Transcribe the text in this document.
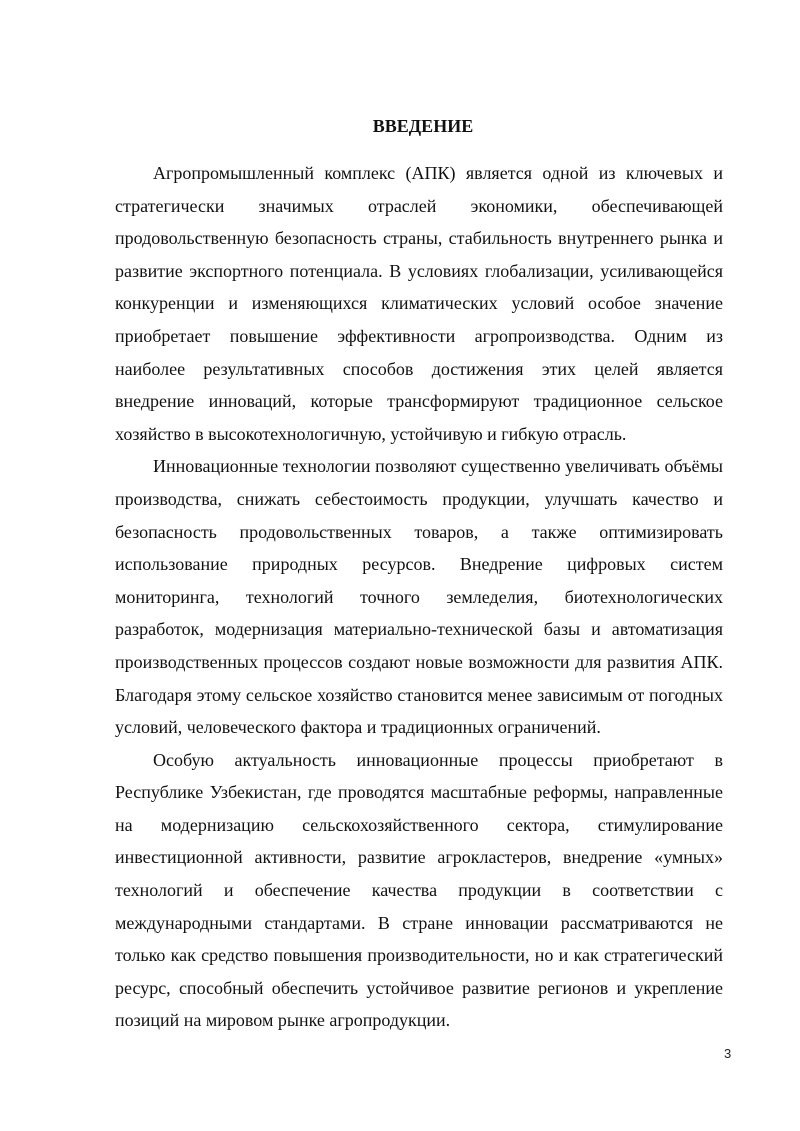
ВВЕДЕНИЕ

Агропромышленный комплекс (АПК) является одной из ключевых и стратегически значимых отраслей экономики, обеспечивающей продовольственную безопасность страны, стабильность внутреннего рынка и развитие экспортного потенциала. В условиях глобализации, усиливающейся конкуренции и изменяющихся климатических условий особое значение приобретает повышение эффективности агропроизводства. Одним из наиболее результативных способов достижения этих целей является внедрение инноваций, которые трансформируют традиционное сельское хозяйство в высокотехнологичную, устойчивую и гибкую отрасль.

Инновационные технологии позволяют существенно увеличивать объёмы производства, снижать себестоимость продукции, улучшать качество и безопасность продовольственных товаров, а также оптимизировать использование природных ресурсов. Внедрение цифровых систем мониторинга, технологий точного земледелия, биотехнологических разработок, модернизация материально-технической базы и автоматизация производственных процессов создают новые возможности для развития АПК. Благодаря этому сельское хозяйство становится менее зависимым от погодных условий, человеческого фактора и традиционных ограничений.

Особую актуальность инновационные процессы приобретают в Республике Узбекистан, где проводятся масштабные реформы, направленные на модернизацию сельскохозяйственного сектора, стимулирование инвестиционной активности, развитие агрокластеров, внедрение «умных» технологий и обеспечение качества продукции в соответствии с международными стандартами. В стране инновации рассматриваются не только как средство повышения производительности, но и как стратегический ресурс, способный обеспечить устойчивое развитие регионов и укрепление позиций на мировом рынке агропродукции.

3
